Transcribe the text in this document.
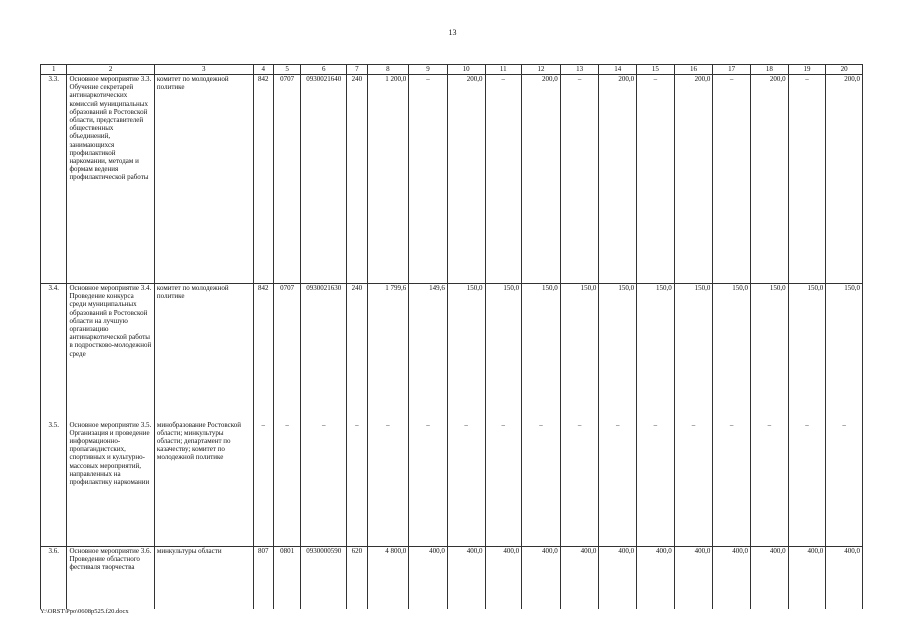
13
1	2	3	4	5	6	7	8	9	10	11	12	13	14	15	16	17	18	19	20
3.3.	Основное мероприятие 3.3. Обучение секретарей антинаркотических комиссий муниципальных образований в Ростовской области, представителей общественных объединений, занимающихся профилактикой наркомании, методам и формам ведения профилактической работы	комитет по молодежной политике	842	0707	0930021640	240	1 200,0	–	200,0	–	200,0	–	200,0	–	200,0	–	200,0	–	200,0
3.4.	Основное мероприятие 3.4. Проведение конкурса среди муниципальных образований в Ростовской области на лучшую организацию антинаркотической работы в подростково-молодежной среде	комитет по молодежной политике	842	0707	0930021630	240	1 799,6	149,6	150,0	150,0	150,0	150,0	150,0	150,0	150,0	150,0	150,0	150,0	150,0
3.5.	Основное мероприятие 3.5. Организация и проведение информационно-пропагандистских, спортивных и культурно-массовых мероприятий, направленных на профилактику наркомании	минобразование Ростовской области; минкультуры области; департамент по казачеству; комитет по молодежной политике	–	–	–	–	–	–	–	–	–	–	–	–	–	–	–	–	–
3.6.	Основное мероприятие 3.6. Проведение областного фестиваля творчества	минкультуры области	807	0801	0930000590	620	4 800,0	400,0	400,0	400,0	400,0	400,0	400,0	400,0	400,0	400,0	400,0	400,0	400,0
Y:\ORST\Ppo\0608p525.f20.docx
